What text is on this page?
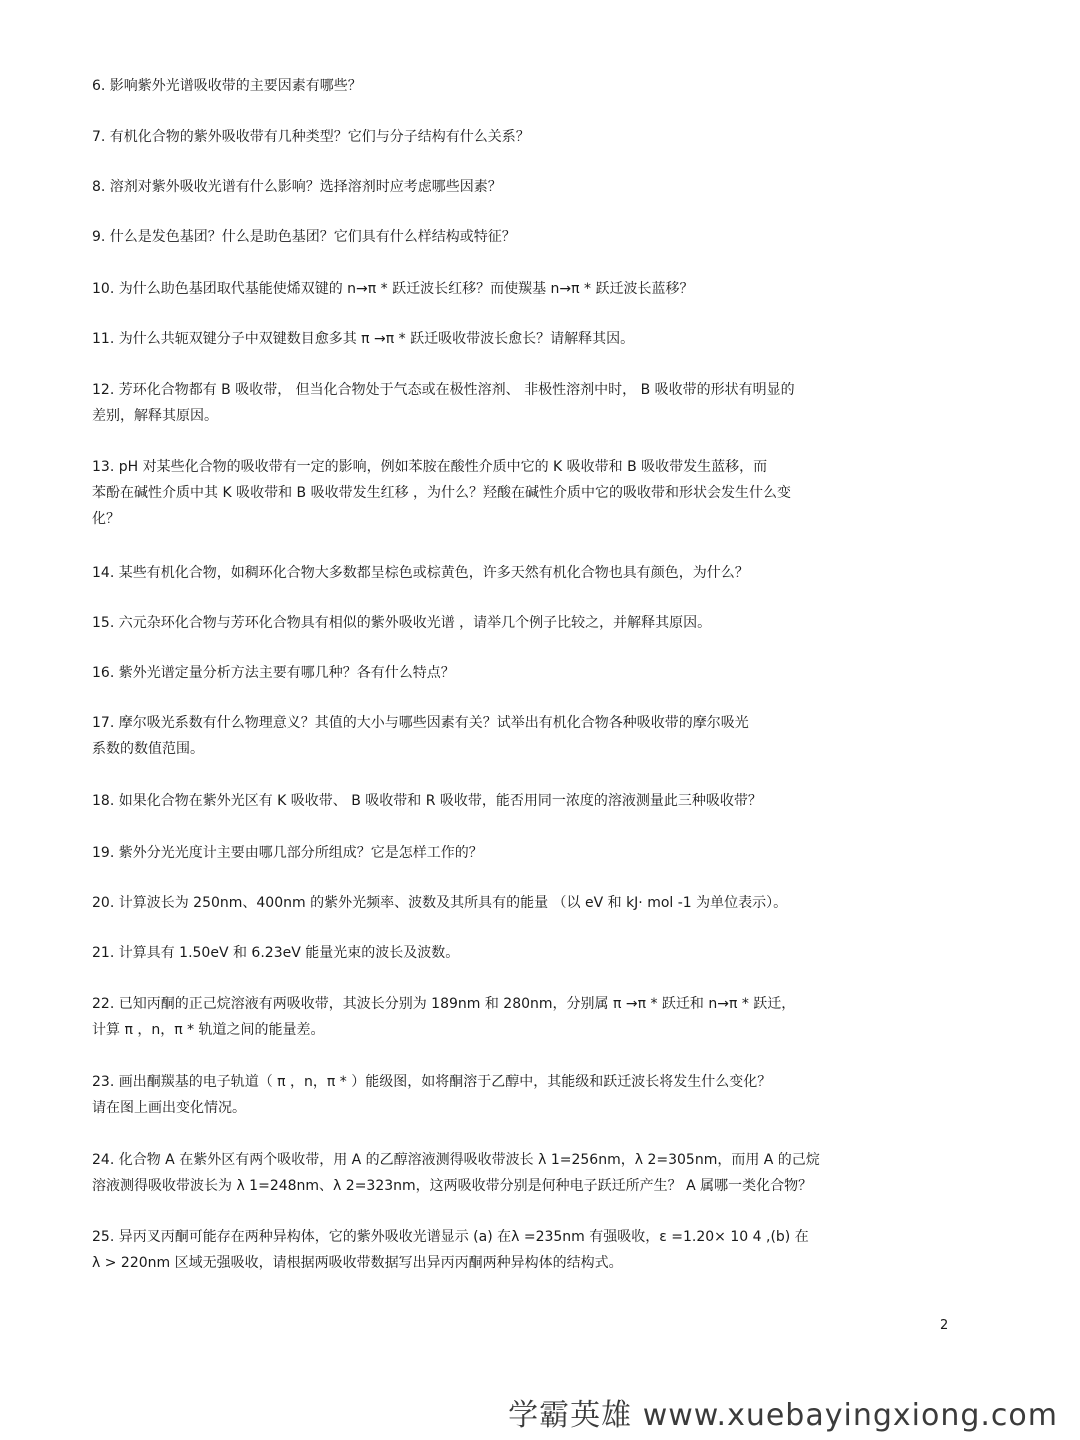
6. 影响紫外光谱吸收带的主要因素有哪些？
7. 有机化合物的紫外吸收带有几种类型？它们与分子结构有什么关系？
8. 溶剂对紫外吸收光谱有什么影响？选择溶剂时应考虑哪些因素？
9. 什么是发色基团？什么是助色基团？它们具有什么样结构或特征？
10. 为什么助色基团取代基能使烯双键的 n→π * 跃迁波长红移？而使羰基 n→π * 跃迁波长蓝移？
11. 为什么共轭双键分子中双键数目愈多其 π →π * 跃迁吸收带波长愈长？请解释其因。
12. 芳环化合物都有 B 吸收带， 但当化合物处于气态或在极性溶剂、 非极性溶剂中时， B 吸收带的形状有明显的
差别，解释其原因。
13. pH 对某些化合物的吸收带有一定的影响，例如苯胺在酸性介质中它的 K 吸收带和 B 吸收带发生蓝移，而
苯酚在碱性介质中其 K 吸收带和 B 吸收带发生红移 ，为什么？羟酸在碱性介质中它的吸收带和形状会发生什么变
化？
14. 某些有机化合物，如稠环化合物大多数都呈棕色或棕黄色，许多天然有机化合物也具有颜色，为什么？
15. 六元杂环化合物与芳环化合物具有相似的紫外吸收光谱 ，请举几个例子比较之，并解释其原因。
16. 紫外光谱定量分析方法主要有哪几种？各有什么特点？
17. 摩尔吸光系数有什么物理意义？其值的大小与哪些因素有关？试举出有机化合物各种吸收带的摩尔吸光
系数的数值范围。
18. 如果化合物在紫外光区有 K 吸收带、 B 吸收带和 R 吸收带，能否用同一浓度的溶液测量此三种吸收带？
19. 紫外分光光度计主要由哪几部分所组成？它是怎样工作的？
20. 计算波长为 250nm、400nm 的紫外光频率、波数及其所具有的能量 （以 eV 和 kJ· mol -1 为单位表示）。
21. 计算具有 1.50eV 和 6.23eV 能量光束的波长及波数。
22. 已知丙酮的正己烷溶液有两吸收带，其波长分别为 189nm 和 280nm，分别属 π →π * 跃迁和 n→π * 跃迁，
计算 π ，n，π * 轨道之间的能量差。
23. 画出酮羰基的电子轨道（ π ，n，π * ）能级图，如将酮溶于乙醇中，其能级和跃迁波长将发生什么变化？
请在图上画出变化情况。
24. 化合物 A 在紫外区有两个吸收带，用 A 的乙醇溶液测得吸收带波长 λ 1=256nm，λ 2=305nm，而用 A 的己烷
溶液测得吸收带波长为 λ 1=248nm、λ 2=323nm，这两吸收带分别是何种电子跃迁所产生？ A 属哪一类化合物？
25. 异丙叉丙酮可能存在两种异构体，它的紫外吸收光谱显示 (a) 在λ =235nm 有强吸收，ε =1.20× 10 4 ,(b) 在
λ > 220nm 区域无强吸收，请根据两吸收带数据写出异丙丙酮两种异构体的结构式。
2
学霸英雄 www.xuebayingxiong.com
